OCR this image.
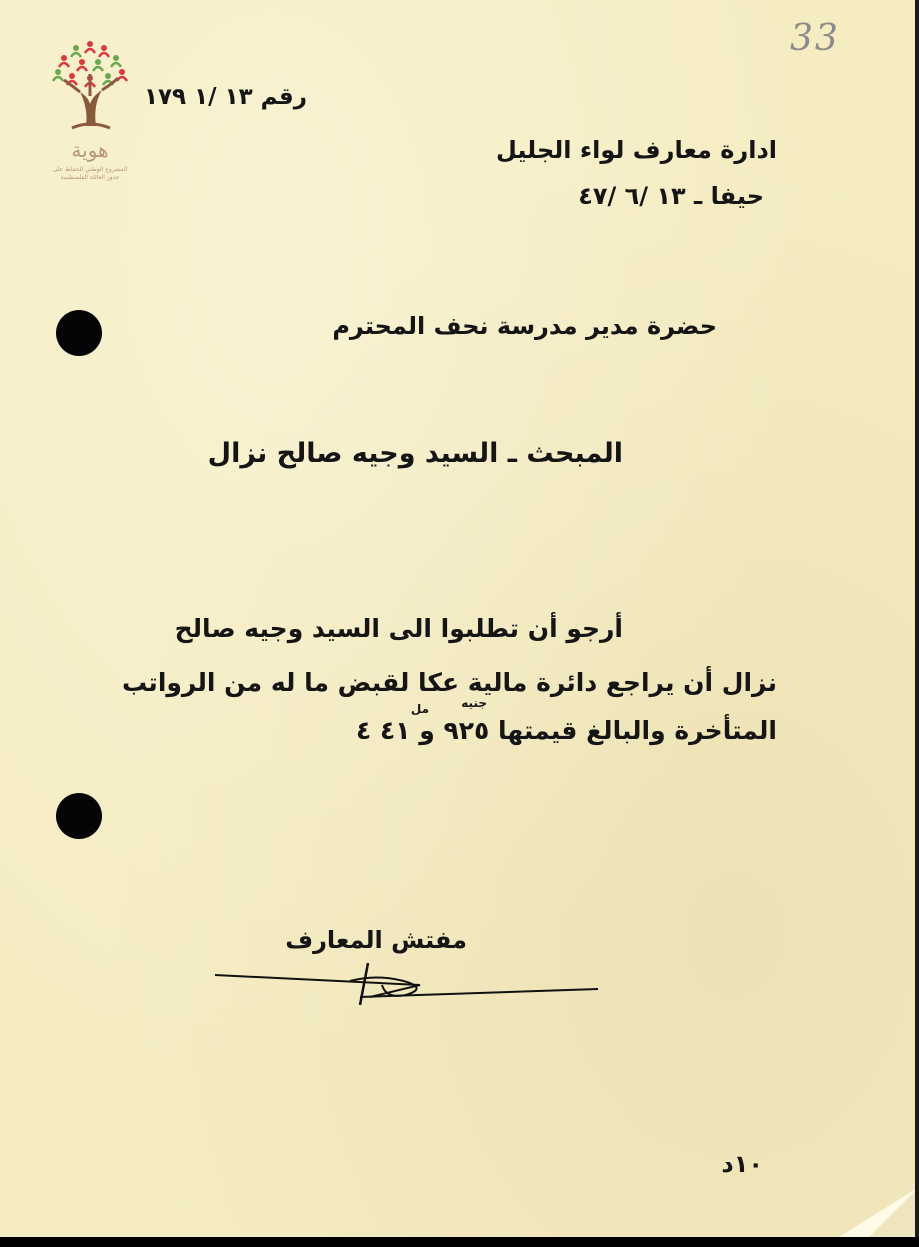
33
هوية
المشروع الوطني للحفاظ على
جذور العائلة الفلسطينية
رقم ١٣ /١ ١٧٩
ادارة معارف لواء الجليل
حيفا ـ ١٣ /٦ /٤٧
حضرة مدير مدرسة نحف المحترم
المبحث ـ السيد وجيه صالح نزال
أرجو أن تطلبوا الى السيد وجيه صالح
نزال أن يراجع دائرة مالية عكا لقبض ما له من الرواتب
المتأخرة والبالغ قيمتها ٩٢٥ و ٤١ ٤
مل	جنيه
مفتش المعارف
١٠د
